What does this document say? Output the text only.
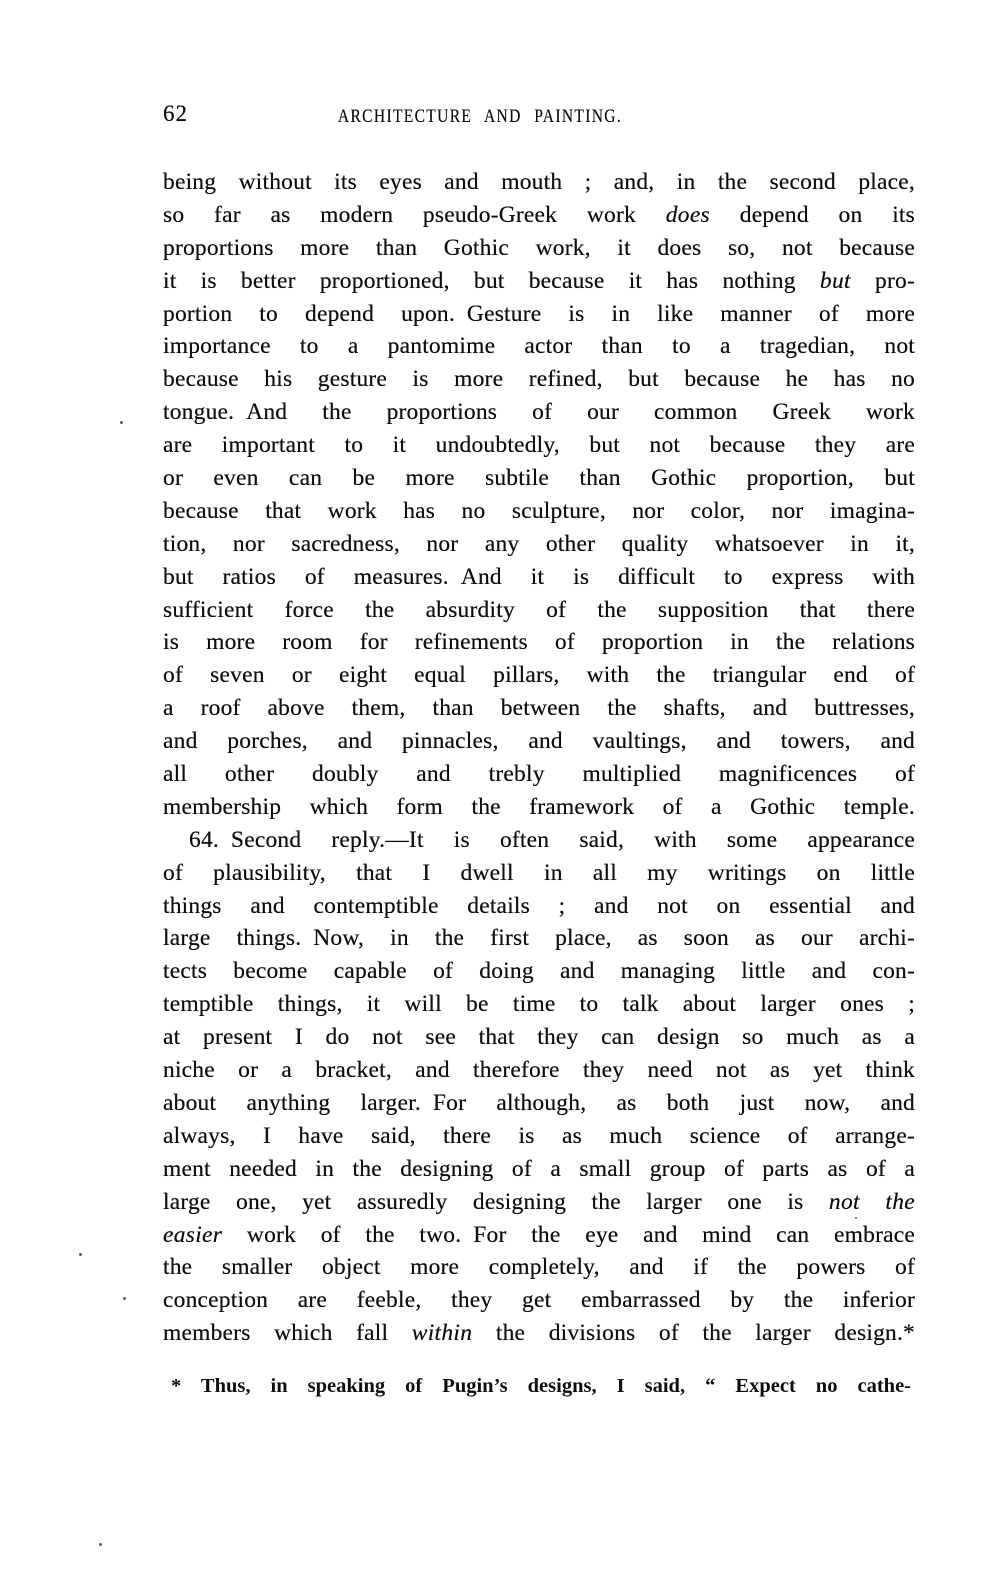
62	ARCHITECTURE AND PAINTING.
being without its eyes and mouth ; and, in the second place,
so far as modern pseudo-Greek work does depend on its
proportions more than Gothic work, it does so, not because
it is better proportioned, but because it has nothing but pro-
portion to depend upon. Gesture is in like manner of more
importance to a pantomime actor than to a tragedian, not
because his gesture is more refined, but because he has no
tongue. And the proportions of our common Greek work
are important to it undoubtedly, but not because they are
or even can be more subtile than Gothic proportion, but
because that work has no sculpture, nor color, nor imagina-
tion, nor sacredness, nor any other quality whatsoever in it,
but ratios of measures. And it is difficult to express with
sufficient force the absurdity of the supposition that there
is more room for refinements of proportion in the relations
of seven or eight equal pillars, with the triangular end of
a roof above them, than between the shafts, and buttresses,
and porches, and pinnacles, and vaultings, and towers, and
all other doubly and trebly multiplied magnificences of
membership which form the framework of a Gothic temple.
64. Second reply.—It is often said, with some appearance
of plausibility, that I dwell in all my writings on little
things and contemptible details ; and not on essential and
large things. Now, in the first place, as soon as our archi-
tects become capable of doing and managing little and con-
temptible things, it will be time to talk about larger ones ;
at present I do not see that they can design so much as a
niche or a bracket, and therefore they need not as yet think
about anything larger. For although, as both just now, and
always, I have said, there is as much science of arrange-
ment needed in the designing of a small group of parts as of a
large one, yet assuredly designing the larger one is not the
easier work of the two. For the eye and mind can embrace
the smaller object more completely, and if the powers of
conception are feeble, they get embarrassed by the inferior
members which fall within the divisions of the larger design.*
* Thus, in speaking of Pugin’s designs, I said, “ Expect no cathe-
